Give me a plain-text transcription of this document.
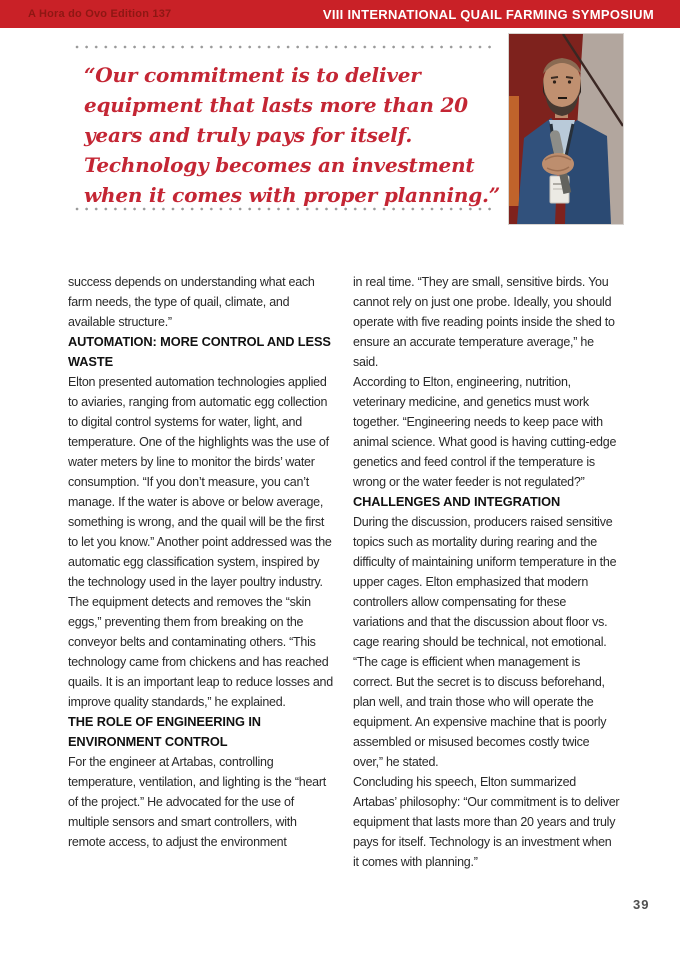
A Hora do Ovo Edition 137	VIII INTERNATIONAL QUAIL FARMING SYMPOSIUM
“Our commitment is to deliver equipment that lasts more than 20 years and truly pays for itself. Technology becomes an investment when it comes with proper planning.”

success depends on understanding what each farm needs, the type of quail, climate, and available structure.”

AUTOMATION: MORE CONTROL AND LESS WASTE

Elton presented automation technologies applied to aviaries, ranging from automatic egg collection to digital control systems for water, light, and temperature. One of the highlights was the use of water meters by line to monitor the birds’ water consumption. “If you don’t measure, you can’t manage. If the water is above or below average, something is wrong, and the quail will be the first to let you know.” Another point addressed was the automatic egg classification system, inspired by the technology used in the layer poultry industry. The equipment detects and removes the “skin eggs,” preventing them from breaking on the conveyor belts and contaminating others. “This technology came from chickens and has reached quails. It is an important leap to reduce losses and improve quality standards,” he explained.

THE ROLE OF ENGINEERING IN ENVIRONMENT CONTROL

For the engineer at Artabas, controlling temperature, ventilation, and lighting is the “heart of the project.” He advocated for the use of multiple sensors and smart controllers, with remote access, to adjust the environment

in real time. “They are small, sensitive birds. You cannot rely on just one probe. Ideally, you should operate with five reading points inside the shed to ensure an accurate temperature average,” he said.

According to Elton, engineering, nutrition, veterinary medicine, and genetics must work together. “Engineering needs to keep pace with animal science. What good is having cutting-edge genetics and feed control if the temperature is wrong or the water feeder is not regulated?”

CHALLENGES AND INTEGRATION

During the discussion, producers raised sensitive topics such as mortality during rearing and the difficulty of maintaining uniform temperature in the upper cages. Elton emphasized that modern controllers allow compensating for these variations and that the discussion about floor vs. cage rearing should be technical, not emotional. “The cage is efficient when management is correct. But the secret is to discuss beforehand, plan well, and train those who will operate the equipment. An expensive machine that is poorly assembled or misused becomes costly twice over,” he stated.

Concluding his speech, Elton summarized Artabas’ philosophy: “Our commitment is to deliver equipment that lasts more than 20 years and truly pays for itself. Technology is an investment when it comes with planning.”

39
